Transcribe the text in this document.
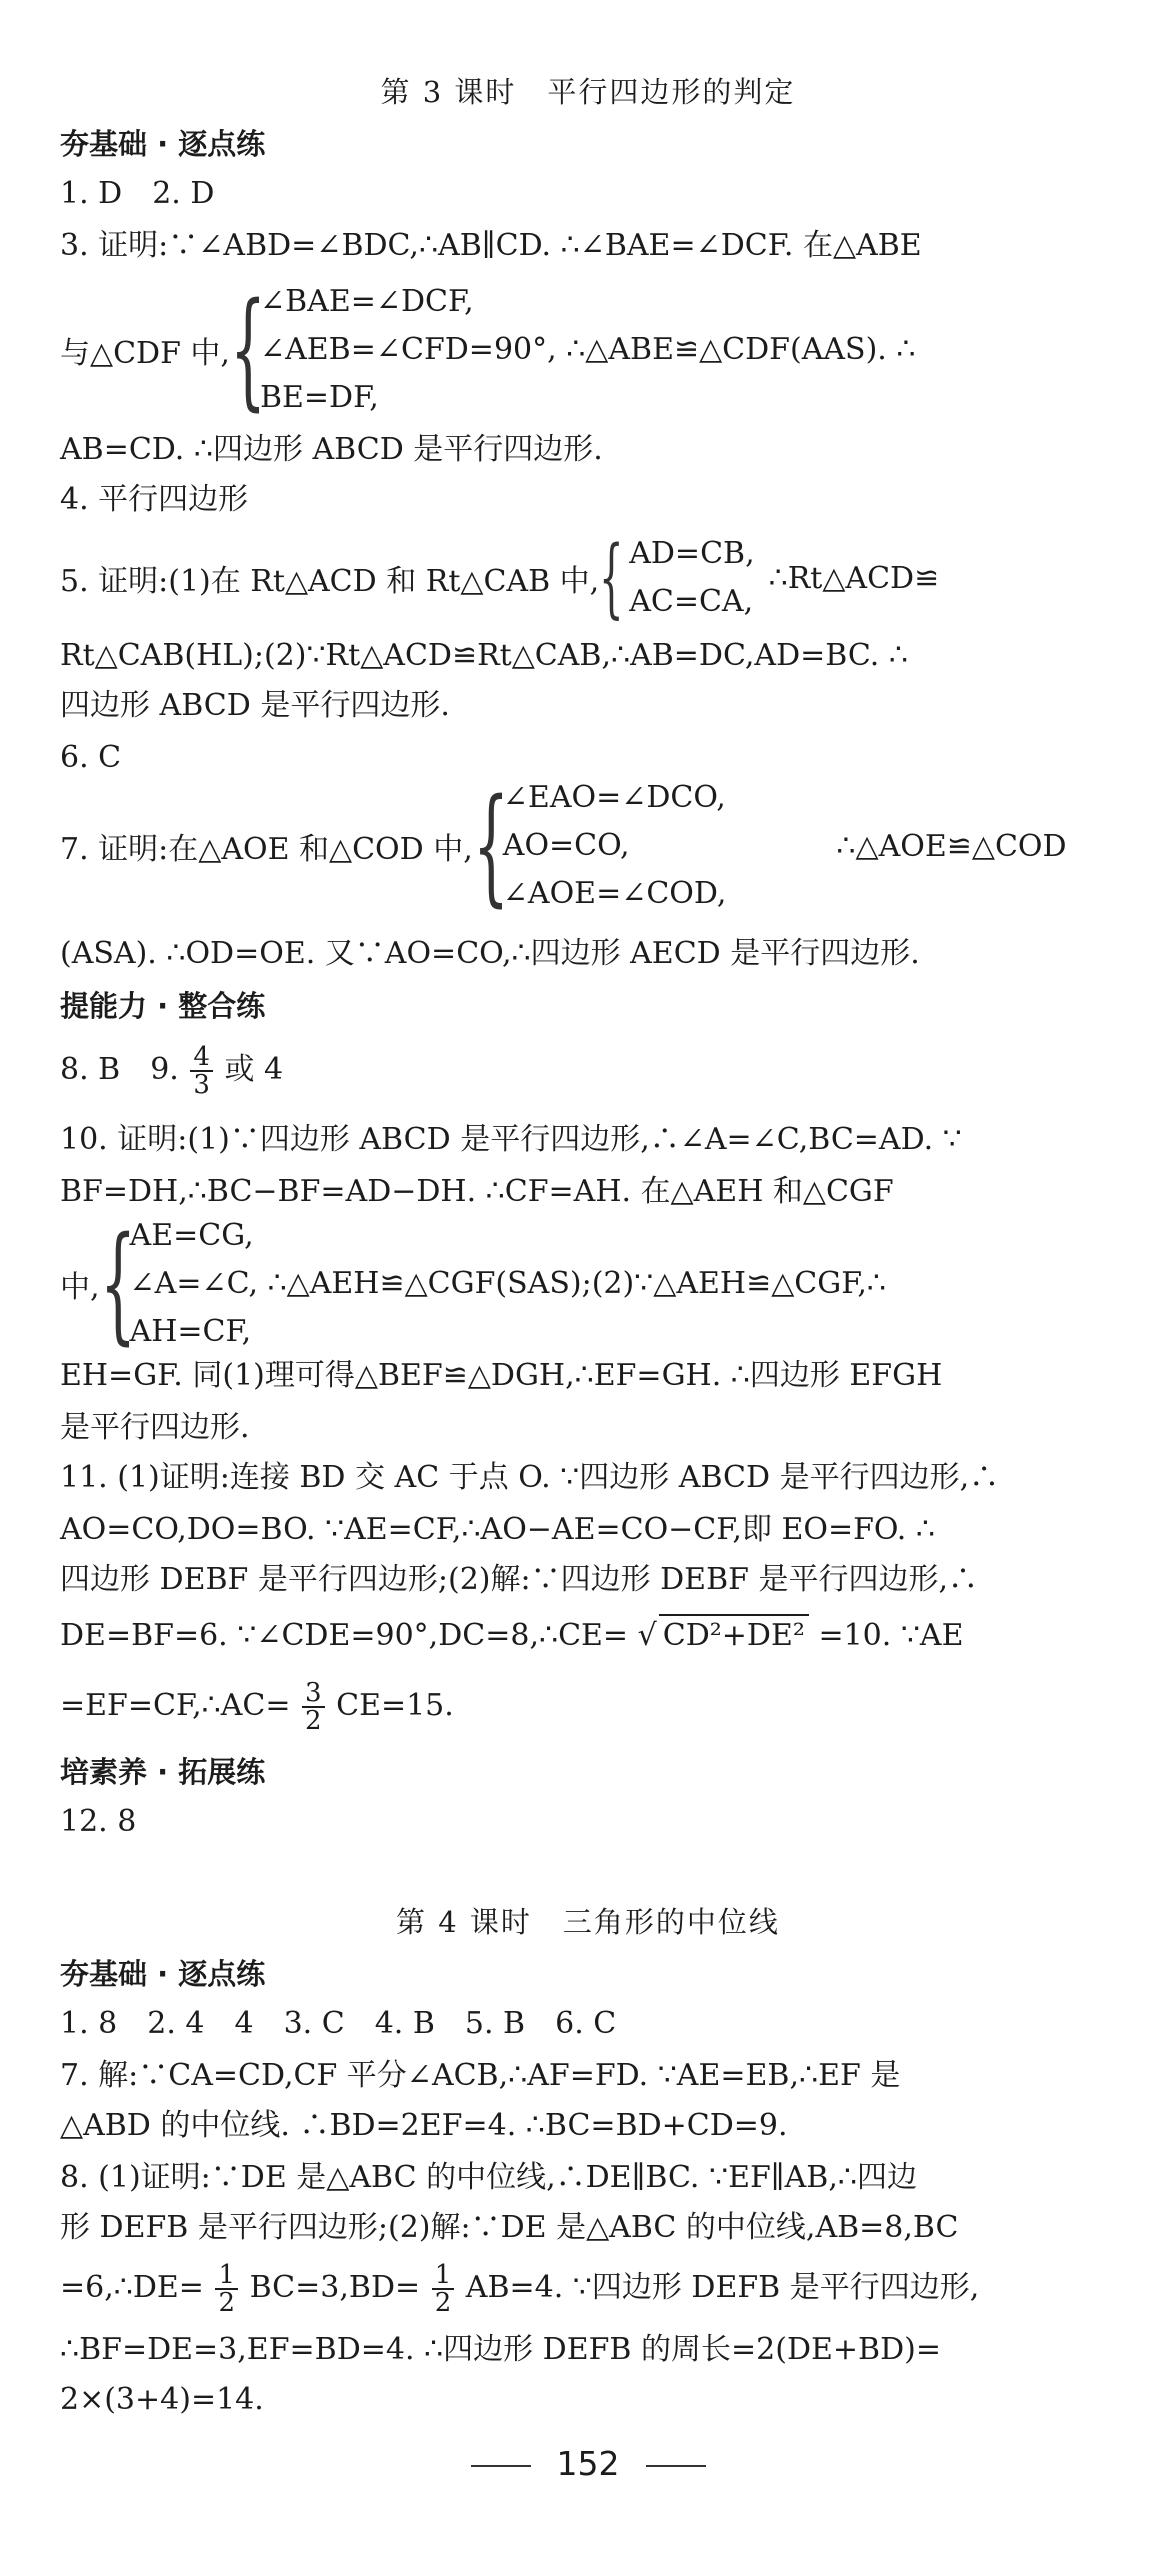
第 3 课时　平行四边形的判定
夯基础 · 逐点练
1. D　2. D
3. 证明:∵∠ABD=∠BDC,∴AB∥CD. ∴∠BAE=∠DCF. 在△ABE
与△CDF 中, {
∠BAE=∠DCF,
∠AEB=∠CFD=90°, ∴△ABE≌△CDF(AAS). ∴
BE=DF,
AB=CD. ∴四边形 ABCD 是平行四边形.
4. 平行四边形
5. 证明:(1)在 Rt△ACD 和 Rt△CAB 中, { AD=CB,
AC=CA,
∴Rt△ACD≌
Rt△CAB(HL);(2)∵Rt△ACD≌Rt△CAB,∴AB=DC,AD=BC. ∴
四边形 ABCD 是平行四边形.
6. C
7. 证明:在△AOE 和△COD 中, {
∠EAO=∠DCO,
AO=CO,
∠AOE=∠COD,
∴△AOE≌△COD
(ASA). ∴OD=OE. 又∵AO=CO,∴四边形 AECD 是平行四边形.
提能力 · 整合练
8. B　9. $\frac{4}{3}$ 或 4
10. 证明:(1)∵四边形 ABCD 是平行四边形,∴∠A=∠C,BC=AD. ∵
BF=DH,∴BC−BF=AD−DH. ∴CF=AH. 在△AEH 和△CGF
中, {
AE=CG,
∠A=∠C, ∴△AEH≌△CGF(SAS);(2)∵△AEH≌△CGF,∴
AH=CF,
EH=GF. 同(1)理可得△BEF≌△DGH,∴EF=GH. ∴四边形 EFGH
是平行四边形.
11. (1)证明:连接 BD 交 AC 于点 O. ∵四边形 ABCD 是平行四边形,∴
AO=CO,DO=BO. ∵AE=CF,∴AO−AE=CO−CF,即 EO=FO. ∴
四边形 DEBF 是平行四边形;(2)解:∵四边形 DEBF 是平行四边形,∴
DE=BF=6. ∵∠CDE=90°,DC=8,∴CE= √ CD²+DE² =10. ∵AE
=EF=CF,∴AC= $\frac{3}{2} CE=15$.
培素养 · 拓展练
12. 8
第 4 课时　三角形的中位线
夯基础 · 逐点练
1. 8　2. 4　4　3. C　4. B　5. B　6. C
7. 解:∵CA=CD,CF 平分∠ACB,∴AF=FD. ∵AE=EB,∴EF 是
△ABD 的中位线. ∴BD=2EF=4. ∴BC=BD+CD=9.
8. (1)证明:∵DE 是△ABC 的中位线,∴DE∥BC. ∵EF∥AB,∴四边
形 DEFB 是平行四边形;(2)解:∵DE 是△ABC 的中位线,AB=8,BC
=6,∴DE= $\frac{1}{2} BC=3,BD= \frac{1}{2} AB=4$. ∵四边形 DEFB 是平行四边形,
∴BF=DE=3,EF=BD=4. ∴四边形 DEFB 的周长=2(DE+BD)=
2×(3+4)=14.
152
